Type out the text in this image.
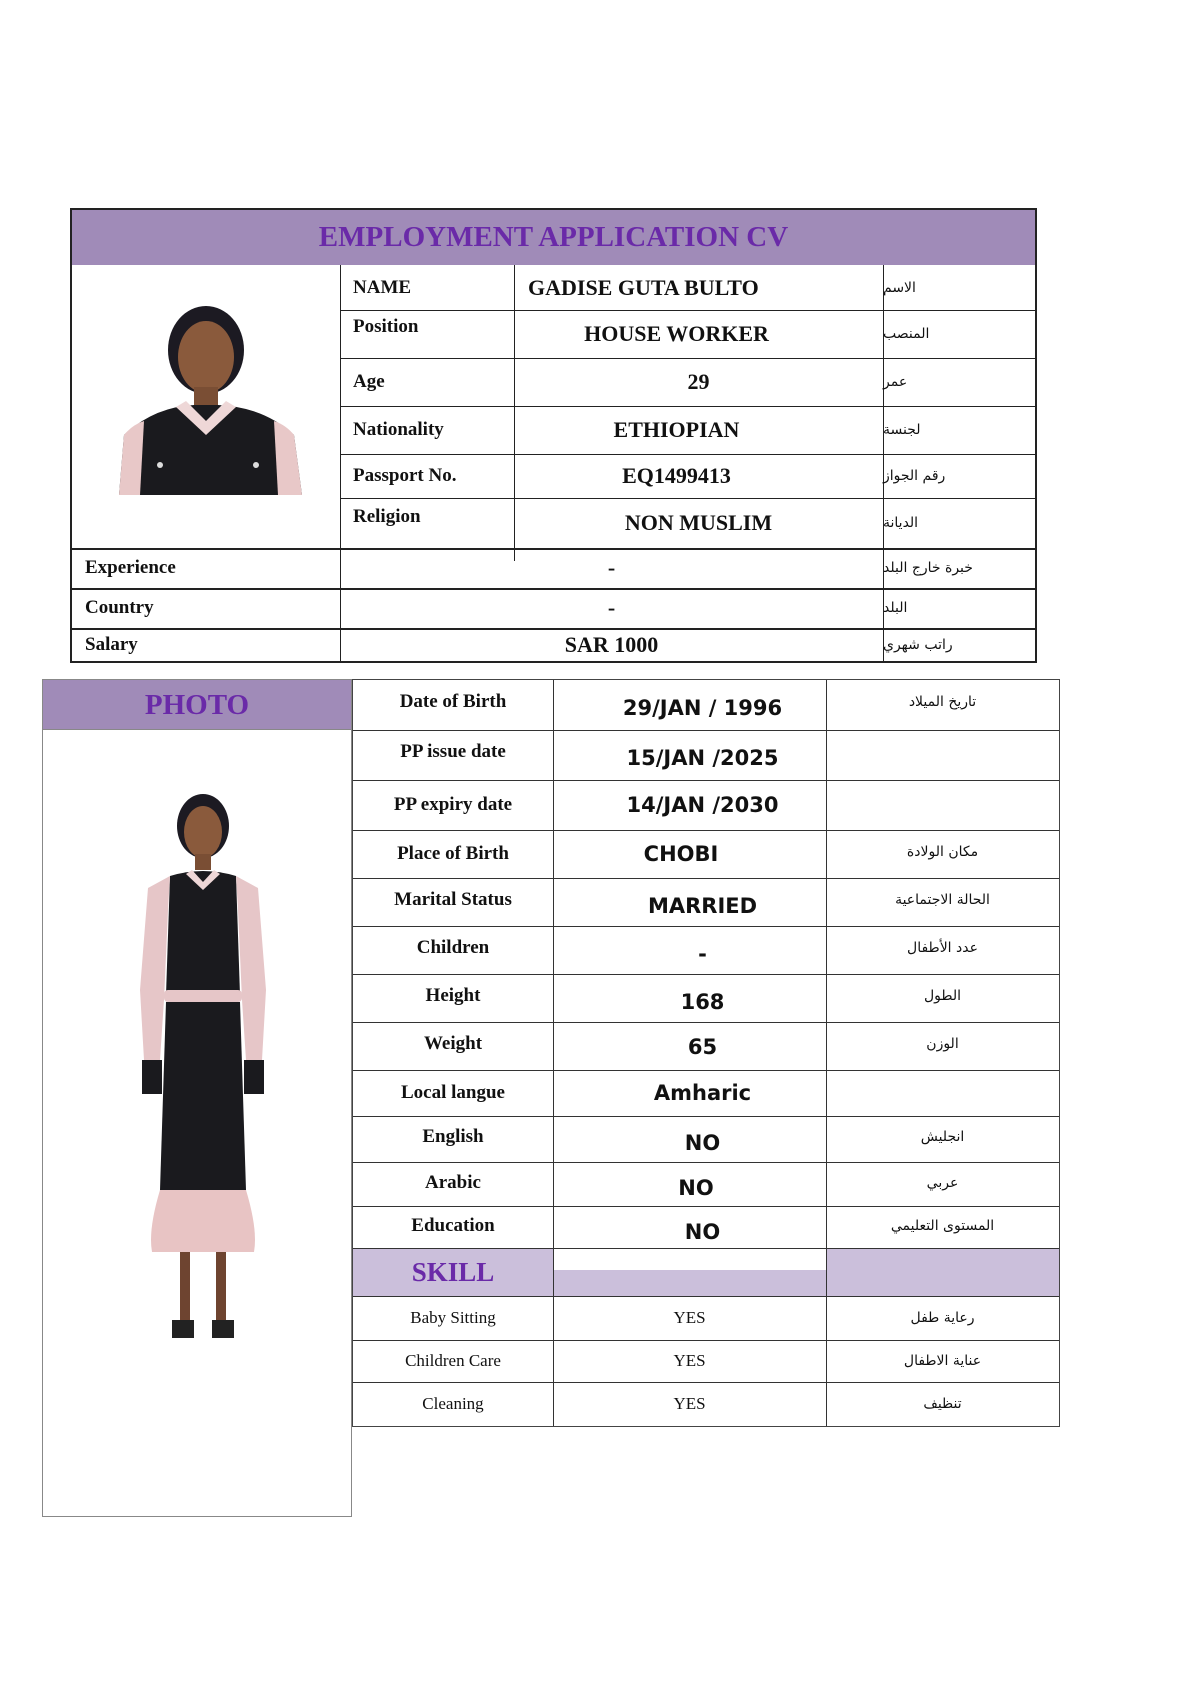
EMPLOYMENT APPLICATION CV
NAME	GADISE GUTA BULTO	الاسم
Position	HOUSE WORKER	المنصب
Age	29	عمر
Nationality	ETHIOPIAN	لجنسة
Passport No.	EQ1499413	رقم الجواز
Religion	NON MUSLIM	الديانة
Experience	-	خبرة خارج البلد
Country	-	البلد
Salary	SAR 1000	راتب شهري
PHOTO	Date of Birth	29/JAN / 1996	تاريخ الميلاد
PP issue date	15/JAN /2025
PP expiry date	14/JAN /2030
Place of Birth	CHOBI	مكان الولادة
Marital Status	MARRIED	الحالة الاجتماعية
Children	-	عدد الأطفال
Height	168	الطول
Weight	65	الوزن
Local langue	Amharic
English	NO	انجليش
Arabic	NO	عربي
Education	NO	المستوى التعليمي
SKILL
Baby Sitting	YES	رعاية طفل
Children Care	YES	عناية الاطفال
Cleaning	YES	تنظيف
